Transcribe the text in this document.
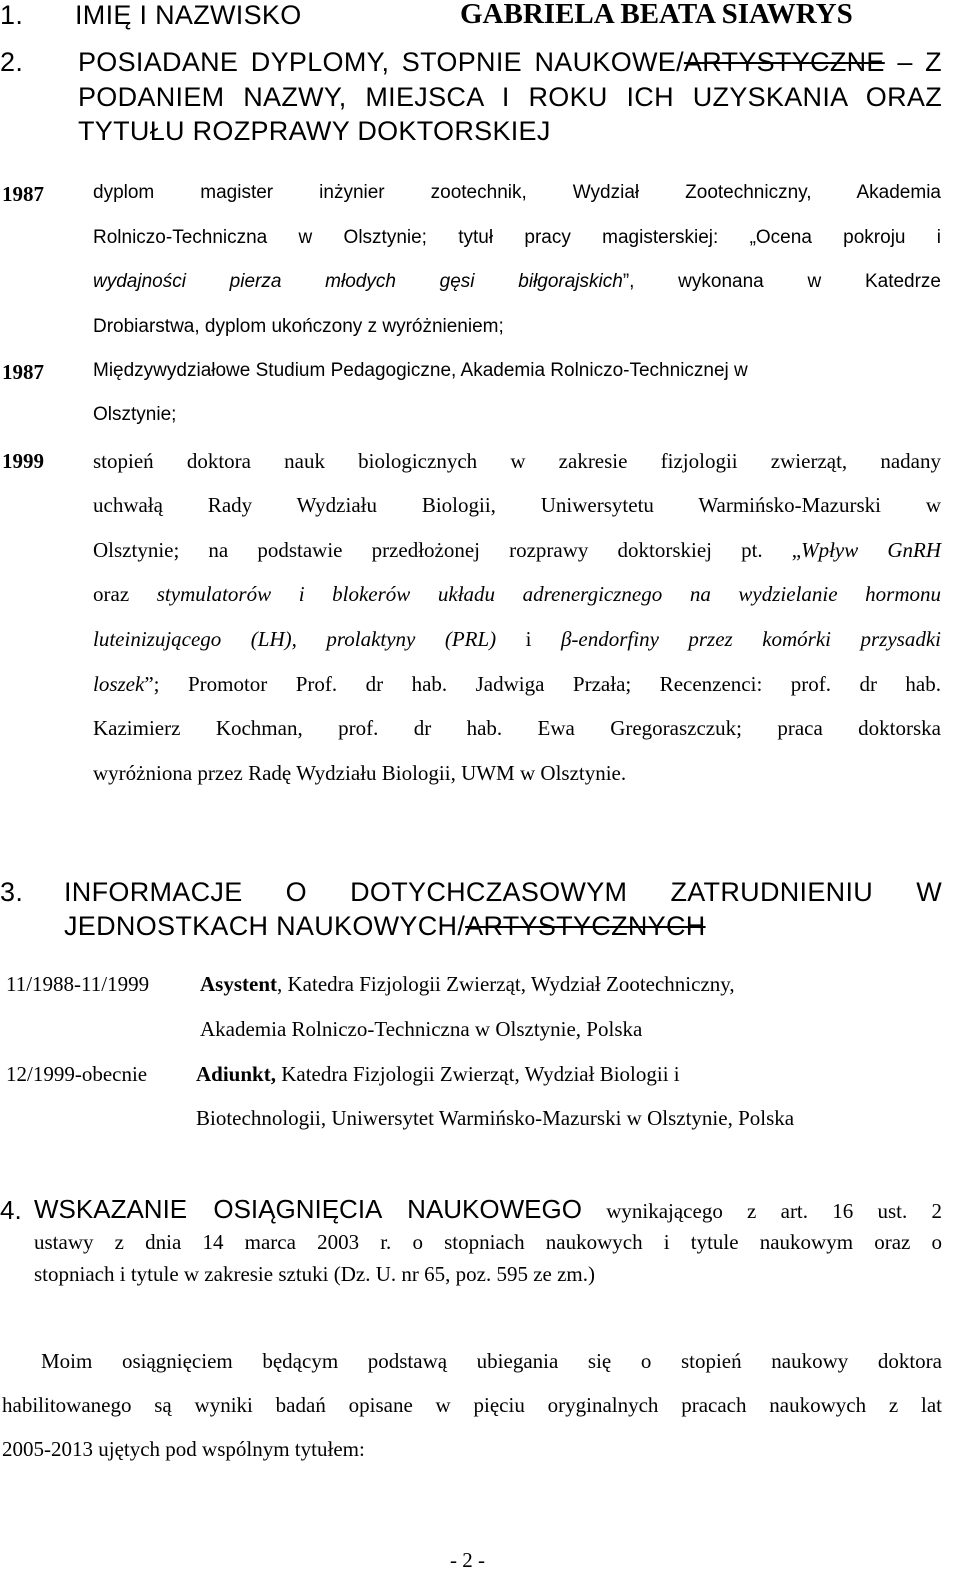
1. IMIĘ I NAZWISKO	GABRIELA BEATA SIAWRYS
2. POSIADANE DYPLOMY, STOPNIE NAUKOWE/ARTYSTYCZNE – Z
PODANIEM NAZWY, MIEJSCA I ROKU ICH UZYSKANIA ORAZ
TYTUŁU ROZPRAWY DOKTORSKIEJ
1987	dyplom magister inżynier zootechnik, Wydział Zootechniczny, Akademia
Rolniczo-Techniczna w Olsztynie; tytuł pracy magisterskiej: „Ocena pokroju i
wydajności pierza młodych gęsi biłgorajskich”, wykonana w Katedrze
Drobiarstwa, dyplom ukończony z wyróżnieniem;
1987	Międzywydziałowe Studium Pedagogiczne, Akademia Rolniczo-Technicznej w
Olsztynie;
1999 stopień doktora nauk biologicznych w zakresie fizjologii zwierząt, nadany
uchwałą Rady Wydziału Biologii, Uniwersytetu Warmińsko-Mazurski w
Olsztynie; na podstawie przedłożonej rozprawy doktorskiej pt. „Wpływ GnRH
oraz stymulatorów i blokerów układu adrenergicznego na wydzielanie hormonu
luteinizującego (LH), prolaktyny (PRL) i β-endorfiny przez komórki przysadki
loszek”; Promotor Prof. dr hab. Jadwiga Przała; Recenzenci: prof. dr hab.
Kazimierz Kochman, prof. dr hab. Ewa Gregoraszczuk; praca doktorska
wyróżniona przez Radę Wydziału Biologii, UWM w Olsztynie.
3. INFORMACJE O DOTYCHCZASOWYM ZATRUDNIENIU W
JEDNOSTKACH NAUKOWYCH/ARTYSTYCZNYCH
11/1988-11/1999 Asystent, Katedra Fizjologii Zwierząt, Wydział Zootechniczny,
Akademia Rolniczo-Techniczna w Olsztynie, Polska
12/1999-obecnie Adiunkt, Katedra Fizjologii Zwierząt, Wydział Biologii i
Biotechnologii, Uniwersytet Warmińsko-Mazurski w Olsztynie, Polska
4. WSKAZANIE OSIĄGNIĘCIA NAUKOWEGO wynikającego z art. 16 ust. 2
ustawy z dnia 14 marca 2003 r. o stopniach naukowych i tytule naukowym oraz o
stopniach i tytule w zakresie sztuki (Dz. U. nr 65, poz. 595 ze zm.)
Moim osiągnięciem będącym podstawą ubiegania się o stopień naukowy doktora
habilitowanego są wyniki badań opisane w pięciu oryginalnych pracach naukowych z lat
2005-2013 ujętych pod wspólnym tytułem:
- 2 -
